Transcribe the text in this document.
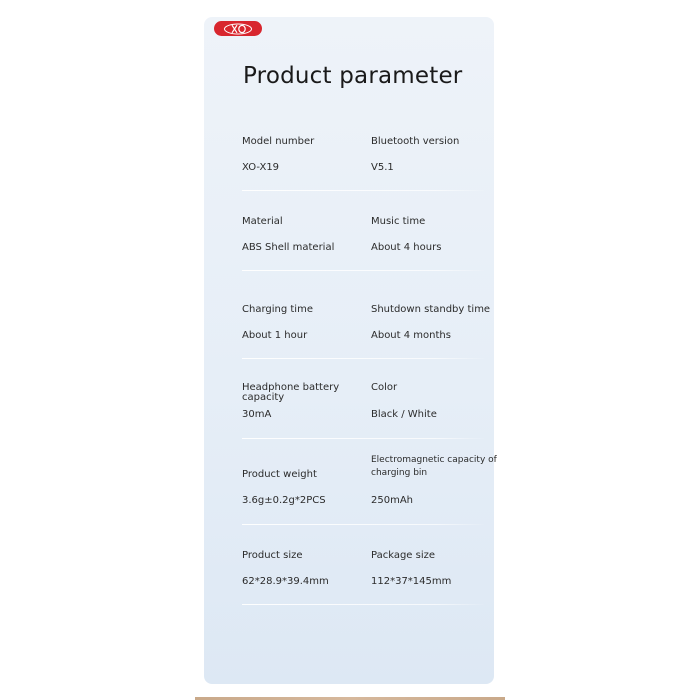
Product parameter
Model number
XO-X19
Bluetooth version
V5.1
Material
ABS Shell material
Music time
About 4 hours
Charging time
About 1 hour
Shutdown standby time
About 4 months
Headphone battery capacity
30mA
Color
Black / White
Product weight
3.6g±0.2g*2PCS
Electromagnetic capacity of charging bin
250mAh
Product size
62*28.9*39.4mm
Package size
112*37*145mm
